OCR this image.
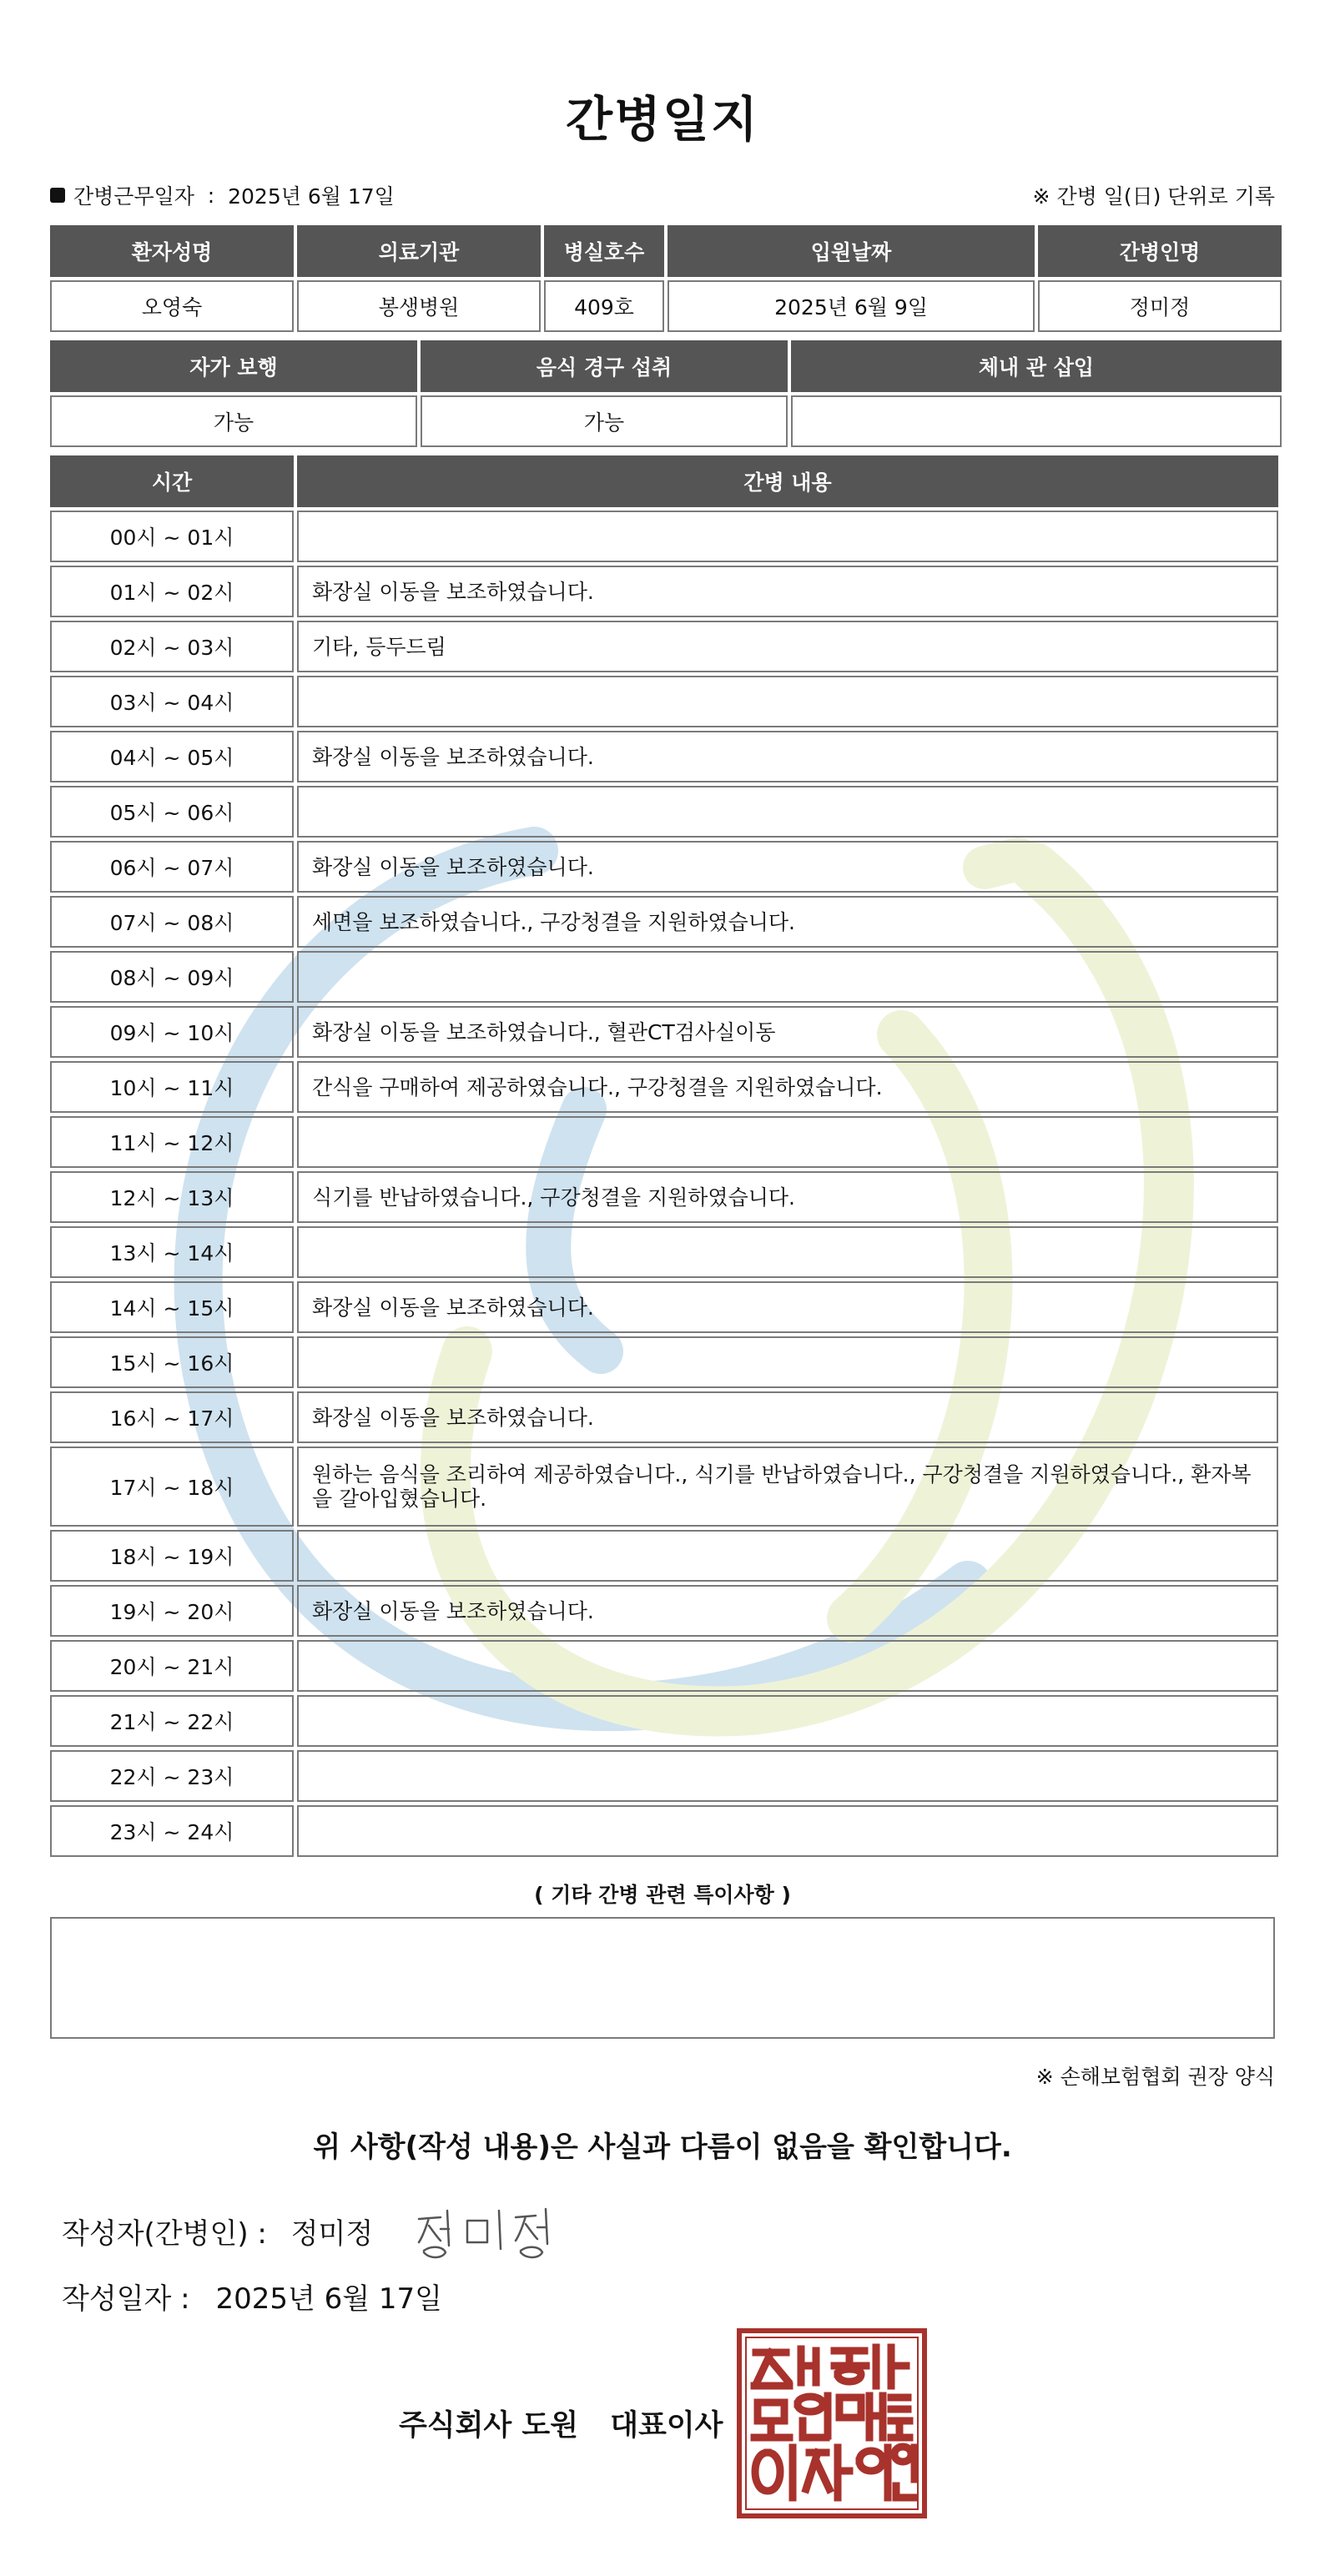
간병일지
간병근무일자 : 2025년 6월 17일	※ 간병 일(日) 단위로 기록
환자성명	의료기관	병실호수	입원날짜	간병인명
오영숙	봉생병원	409호	2025년 6월 9일	정미정
자가 보행	음식 경구 섭취	체내 관 삽입
가능	가능	
시간	간병 내용
00시 ~ 01시	
01시 ~ 02시	화장실 이동을 보조하였습니다.
02시 ~ 03시	기타, 등두드림
03시 ~ 04시	
04시 ~ 05시	화장실 이동을 보조하였습니다.
05시 ~ 06시	
06시 ~ 07시	화장실 이동을 보조하였습니다.
07시 ~ 08시	세면을 보조하였습니다., 구강청결을 지원하였습니다.
08시 ~ 09시	
09시 ~ 10시	화장실 이동을 보조하였습니다., 혈관CT검사실이동
10시 ~ 11시	간식을 구매하여 제공하였습니다., 구강청결을 지원하였습니다.
11시 ~ 12시	
12시 ~ 13시	식기를 반납하였습니다., 구강청결을 지원하였습니다.
13시 ~ 14시	
14시 ~ 15시	화장실 이동을 보조하였습니다.
15시 ~ 16시	
16시 ~ 17시	화장실 이동을 보조하였습니다.
17시 ~ 18시	원하는 음식을 조리하여 제공하였습니다., 식기를 반납하였습니다., 구강청결을 지원하였습니다., 환자복을 갈아입혔습니다.
18시 ~ 19시	
19시 ~ 20시	화장실 이동을 보조하였습니다.
20시 ~ 21시	
21시 ~ 22시	
22시 ~ 23시	
23시 ~ 24시	
( 기타 간병 관련 특이사항 )
※ 손해보험협회 권장 양식
위 사항(작성 내용)은 사실과 다름이 없음을 확인합니다.
작성자(간병인) : 정미정
작성일자 : 2025년 6월 17일
주식회사 도원 대표이사
